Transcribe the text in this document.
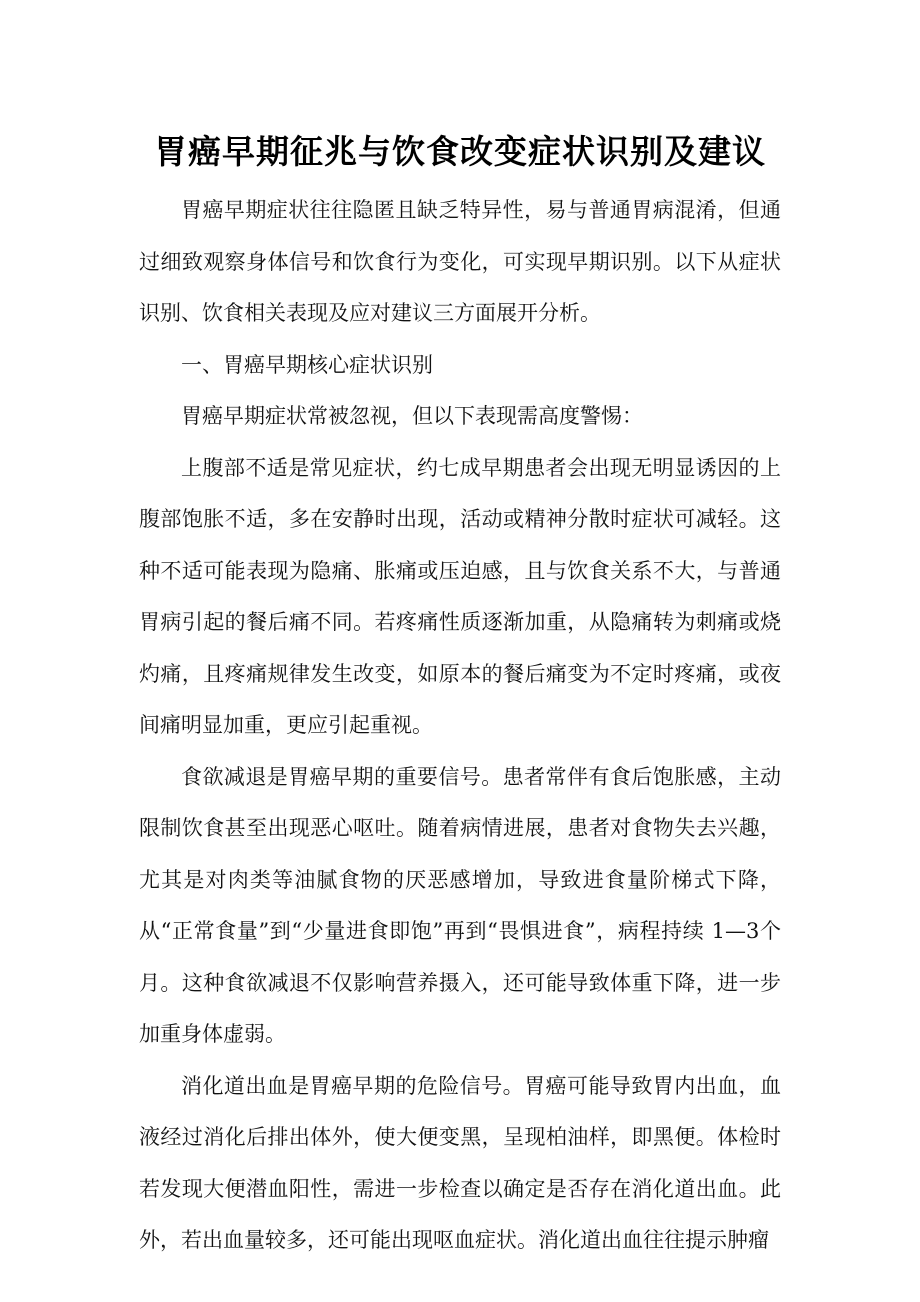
胃癌早期征兆与饮食改变症状识别及建议

胃癌早期症状往往隐匿且缺乏特异性，易与普通胃病混淆，但通过细致观察身体信号和饮食行为变化，可实现早期识别。以下从症状识别、饮食相关表现及应对建议三方面展开分析。

一、胃癌早期核心症状识别

胃癌早期症状常被忽视，但以下表现需高度警惕：

上腹部不适是常见症状，约七成早期患者会出现无明显诱因的上腹部饱胀不适，多在安静时出现，活动或精神分散时症状可减轻。这种不适可能表现为隐痛、胀痛或压迫感，且与饮食关系不大，与普通胃病引起的餐后痛不同。若疼痛性质逐渐加重，从隐痛转为刺痛或烧灼痛，且疼痛规律发生改变，如原本的餐后痛变为不定时疼痛，或夜间痛明显加重，更应引起重视。

食欲减退是胃癌早期的重要信号。患者常伴有食后饱胀感，主动限制饮食甚至出现恶心呕吐。随着病情进展，患者对食物失去兴趣，尤其是对肉类等油腻食物的厌恶感增加，导致进食量阶梯式下降，从“正常食量”到“少量进食即饱”再到“畏惧进食”，病程持续 1—3个月。这种食欲减退不仅影响营养摄入，还可能导致体重下降，进一步加重身体虚弱。

消化道出血是胃癌早期的危险信号。胃癌可能导致胃内出血，血液经过消化后排出体外，使大便变黑，呈现柏油样，即黑便。体检时若发现大便潜血阳性，需进一步检查以确定是否存在消化道出血。此外，若出血量较多，还可能出现呕血症状。消化道出血往往提示肿瘤
